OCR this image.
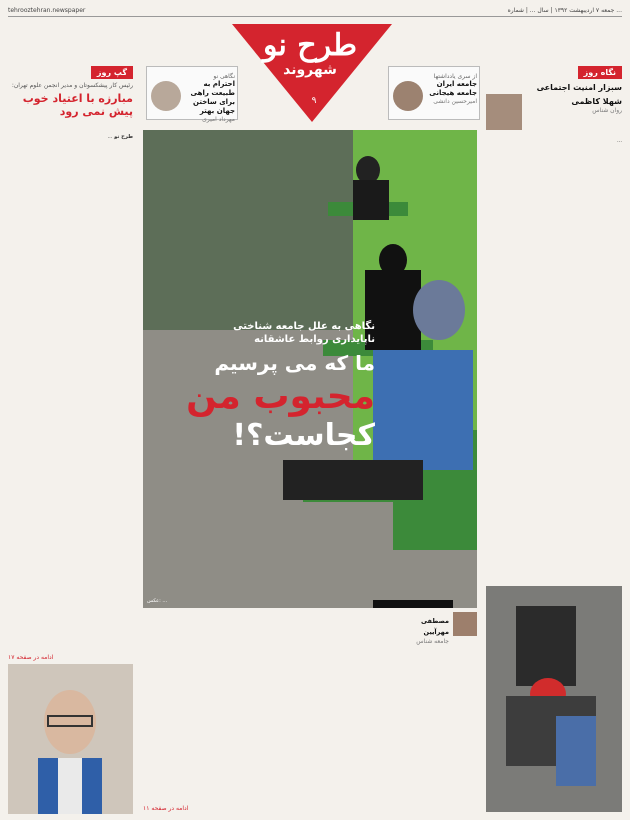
tehrooztehran.newspaper	جمعه ۷ اردیبهشت ۱۳۹۲ | سال ... | شماره ...
نگاهی نو
احترام به طبیعت راهی برای ساختن جهان بهتر
مهرداد امیری
از سری یادداشتها
جامعه ایران جامعه هیجانی
امیرحسین دانشی
طرح نو
شهروند
۹
گپ روز
رئیس کار پیشکسوتان و مدیر انجمن علوم تهران:
مبارزه با اعتیاد خوب پیش نمی رود
طرح نو ...
ادامه در صفحه ۱۷
نگاه روز
سبزار امنیت اجتماعی
شهلا کاظمی
روان شناس
...
نگاهی به علل جامعه شناختی
ناپایداری روابط عاشقانه
ما که می پرسیم
محبوب من
کجاست؟!
عکس: ...
مصطفی مهرآیین
جامعه شناس
ادامه در صفحه ۱۱
